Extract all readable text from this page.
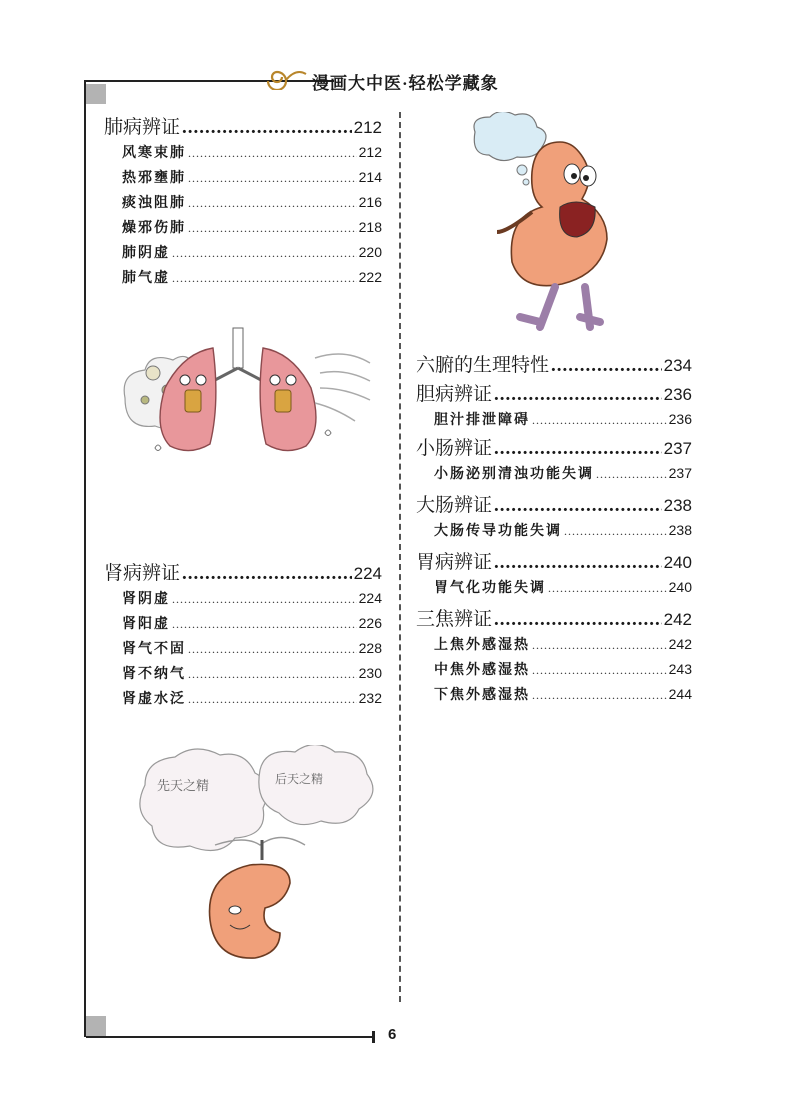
漫画大中医·轻松学藏象
6
肺病辨证 .....	212
风寒束肺 .....	212
热邪壅肺 .....	214
痰浊阻肺 .....	216
燥邪伤肺 .....	218
肺阴虚 .....	220
肺气虚 .....	222
肾病辨证 .....	224
肾阴虚 .....	224
肾阳虚 .....	226
肾气不固 .....	228
肾不纳气 .....	230
肾虚水泛 .....	232
六腑的生理特性 .....	234
胆病辨证 .....	236
胆汁排泄障碍 .....	236
小肠辨证 .....	237
小肠泌别清浊功能失调 .....	237
大肠辨证 .....	238
大肠传导功能失调 .....	238
胃病辨证 .....	240
胃气化功能失调 .....	240
三焦辨证 .....	242
上焦外感湿热 .....	242
中焦外感湿热 .....	243
下焦外感湿热 .....	244
先天之精	后天之精
